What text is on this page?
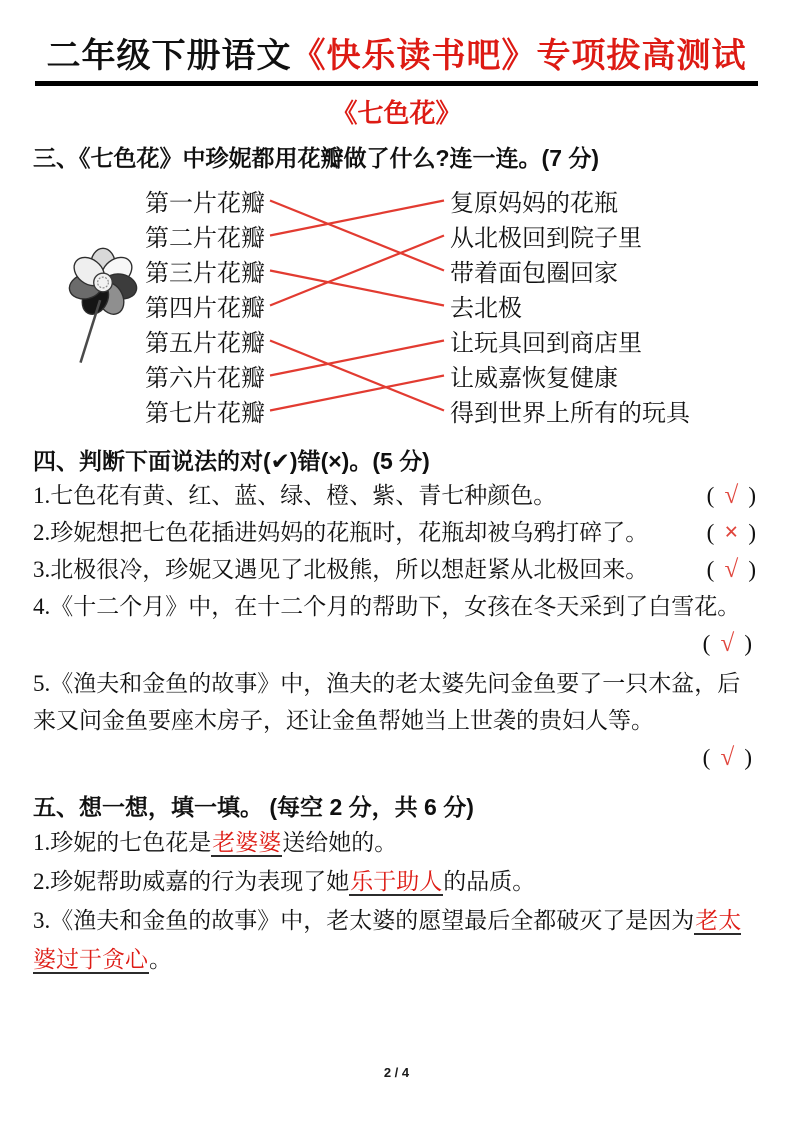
二年级下册语文《快乐读书吧》专项拔高测试
《七色花》
三、《七色花》中珍妮都用花瓣做了什么?连一连。(7 分)
第一片花瓣
第二片花瓣
第三片花瓣
第四片花瓣
第五片花瓣
第六片花瓣
第七片花瓣
复原妈妈的花瓶
从北极回到院子里
带着面包圈回家
去北极
让玩具回到商店里
让威嘉恢复健康
得到世界上所有的玩具
四、判断下面说法的对(✔)错(×)。(5 分)
1.七色花有黄、红、蓝、绿、橙、紫、青七种颜色。	( √ )
2.珍妮想把七色花插进妈妈的花瓶时，花瓶却被乌鸦打碎了。	( × )
3.北极很冷，珍妮又遇见了北极熊，所以想赶紧从北极回来。	( √ )
4.《十二个月》中，在十二个月的帮助下，女孩在冬天采到了白雪花。
( √ )
5.《渔夫和金鱼的故事》中，渔夫的老太婆先问金鱼要了一只木盆，后来又问金鱼要座木房子，还让金鱼帮她当上世袭的贵妇人等。
( √ )
五、想一想，填一填。 (每空 2 分，共 6 分)
1.珍妮的七色花是老婆婆送给她的。
2.珍妮帮助威嘉的行为表现了她乐于助人的品质。
3.《渔夫和金鱼的故事》中，老太婆的愿望最后全都破灭了是因为老太婆过于贪心。
2 / 4
